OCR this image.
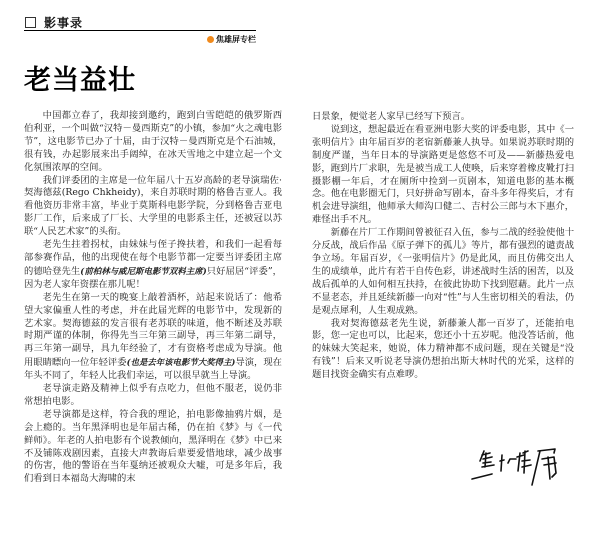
影事录
焦雄屏专栏
老当益壮

中国都立春了，我却接到邀约，跑到白雪皑皑的俄罗斯西伯利亚，一个叫做“汉特－曼西斯克”的小镇，参加“火之魂电影节”，这电影节已办了十届，由于汉特－曼西斯克是个石油城，很有钱，办起影展来出手阔绰，在冰天雪地之中建立起一个文化氛围浓厚的空间。

我们评委团的主席是一位年届八十五岁高龄的老导演瑞佐·契海德兹(Rego Chkheidy)，来自苏联时期的格鲁吉亚人。我看他资历非常丰富，毕业于莫斯科电影学院，分到格鲁吉亚电影厂工作，后来成了厂长、大学里的电影系主任，还被冠以苏联“人民艺术家”的头衔。

老先生拄着拐杖，由妹妹与侄子搀扶着，和我们一起看每部参赛作品，他的出现使在每个电影节都一定要当评委团主席的德哈登先生(前柏林与威尼斯电影节双料主席)只好屈居“评委”，因为老人家年资摆在那儿呢！

老先生在第一天的晚宴上敲着酒杯，站起来说话了：他希望大家偏重人性的考虑，并在此届光辉的电影节中，发现新的艺术家。契海德兹的发言很有老苏联的味道，他不断述及苏联时期严谨的体制，你得先当三年第三副导，再三年第二副导，再三年第一副导，具九年经验了，才有资格考虑成为导演。他用眼睛瞟向一位年轻评委(也是去年该电影节大奖得主)导演，现在年头不同了，年轻人比我们幸运，可以很早就当上导演。

老导演走路及精神上似乎有点吃力，但他不服老，说仍非常想拍电影。

老导演都是这样，符合我的理论，拍电影像抽鸦片烟，是会上瘾的。当年黑泽明也是年届古稀，仍在拍《梦》与《一代鲜师》。年老的人拍电影有个说教倾向，黑泽明在《梦》中已来不及铺陈戏剧因素，直接大声教诲后辈要爱惜地球，减少战事的伤害，他的警语在当年戛纳还被观众大嘘，可是多年后，我们看到日本福岛大海啸的末

日景象，便觉老人家早已经写下预言。

说到这，想起最近在看亚洲电影大奖的评委电影，其中《一张明信片》由年届百岁的老宿新藤兼人执导。如果说苏联时期的制度严谨，当年日本的导演路更是悠悠不可及——新藤热爱电影，跑到片厂求职，先是被当成工人使唤，后来穿着橡皮靴打扫摄影棚一年后，才在厕所中捡到一页剧本，知道电影的基本概念。他在电影圈无门，只好拼命写剧本，奋斗多年得奖后，才有机会进导演组，他师承大师沟口健二、吉村公三郎与木下惠介，难怪出手不凡。

新藤在片厂工作期间曾被征召入伍，参与二战的经验使他十分反战，战后作品《原子弹下的孤儿》等片，都有强烈的谴责战争立场。年届百岁，《一张明信片》仍是此风，而且仿佛交出人生的成绩单，此片有若干自传色彩，讲述战时生活的困苦，以及战后孤单的人如何相互扶持，在彼此协助下找到慰藉。此片一点不显老态，并且延续新藤一向对“性”与人生密切相关的看法，仍是观点犀利，人生观成熟。

我对契海德兹老先生说，新藤兼人都一百岁了，还能拍电影，您一定也可以，比起来，您还小十五岁呢。他没答话前，他的妹妹大笑起来，她说，体力精神都不成问题，现在关键是“没有钱”！后来又听说老导演仍想拍出斯大林时代的光采，这样的题目找资金确实有点难啰。
